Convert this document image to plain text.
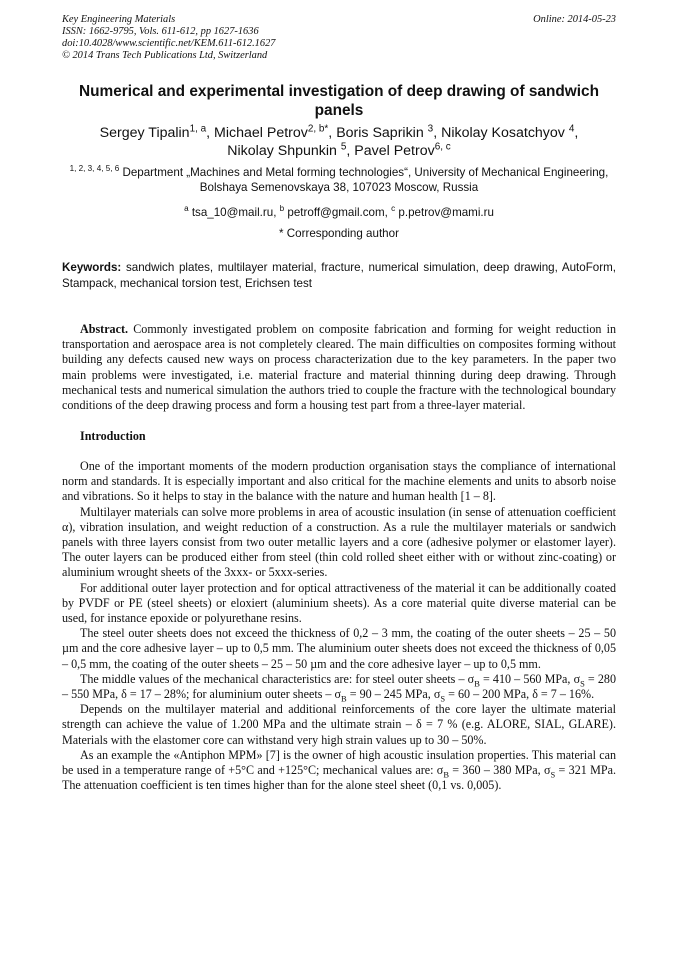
Key Engineering Materials
ISSN: 1662-9795, Vols. 611-612, pp 1627-1636
doi:10.4028/www.scientific.net/KEM.611-612.1627
© 2014 Trans Tech Publications Ltd, Switzerland
Online: 2014-05-23
Numerical and experimental investigation of deep drawing of sandwich panels
Sergey Tipalin$^{1, a}$, Michael Petrov$^{2, b*}$, Boris Saprikin $^3$, Nikolay Kosatchyov $^4$,
Nikolay Shpunkin $^5$, Pavel Petrov$^{6, c}$
$^{1, 2, 3, 4, 5, 6}$ Department „Machines and Metal forming technologies“, University of Mechanical Engineering, Bolshaya Semenovskaya 38, 107023 Moscow, Russia
$^a$ tsa_10@mail.ru, $^b$ petroff@gmail.com, $^c$ p.petrov@mami.ru
* Corresponding author
Keywords: sandwich plates, multilayer material, fracture, numerical simulation, deep drawing, AutoForm, Stampack, mechanical torsion test, Erichsen test
Abstract. Commonly investigated problem on composite fabrication and forming for weight reduction in transportation and aerospace area is not completely cleared. The main difficulties on composites forming without building any defects caused new ways on process characterization due to the key parameters. In the paper two main problems were investigated, i.e. material fracture and material thinning during deep drawing. Through mechanical tests and numerical simulation the authors tried to couple the fracture with the technological boundary conditions of the deep drawing process and form a housing test part from a three-layer material.
Introduction

One of the important moments of the modern production organisation stays the compliance of international norm and standards. It is especially important and also critical for the machine elements and units to absorb noise and vibrations. So it helps to stay in the balance with the nature and human health [1 – 8].

Multilayer materials can solve more problems in area of acoustic insulation (in sense of attenuation coefficient α), vibration insulation, and weight reduction of a construction. As a rule the multilayer materials or sandwich panels with three layers consist from two outer metallic layers and a core (adhesive polymer or elastomer layer). The outer layers can be produced either from steel (thin cold rolled sheet either with or without zinc-coating) or aluminium wrought sheets of the 3xxx- or 5xxx-series.

For additional outer layer protection and for optical attractiveness of the material it can be additionally coated by PVDF or PE (steel sheets) or eloxiert (aluminium sheets). As a core material quite diverse material can be used, for instance epoxide or polyurethane resins.

The steel outer sheets does not exceed the thickness of 0,2 – 3 mm, the coating of the outer sheets – 25 – 50 µm and the core adhesive layer – up to 0,5 mm. The aluminium outer sheets does not exceed the thickness of 0,05 – 0,5 mm, the coating of the outer sheets – 25 – 50 µm and the core adhesive layer – up to 0,5 mm.

The middle values of the mechanical characteristics are: for steel outer sheets – $\sigma_B = 410 - 560$ MPa, $\sigma_S = 280 - 550$ MPa, δ = 17 – 28%; for aluminium outer sheets – $\sigma_B = 90 - 245$ MPa, $\sigma_S = 60 - 200$ MPa, δ = 7 – 16%.

Depends on the multilayer material and additional reinforcements of the core layer the ultimate material strength can achieve the value of 1.200 MPa and the ultimate strain – δ = 7 % (e.g. ALORE, SIAL, GLARE). Materials with the elastomer core can withstand very high strain values up to 30 – 50%.

As an example the «Antiphon MPM» [7] is the owner of high acoustic insulation properties. This material can be used in a temperature range of +5°C and +125°C; mechanical values are: $\sigma_B = 360 - 380$ MPa, $\sigma_S = 321$ MPa. The attenuation coefficient is ten times higher than for the alone steel sheet (0,1 vs. 0,005).
